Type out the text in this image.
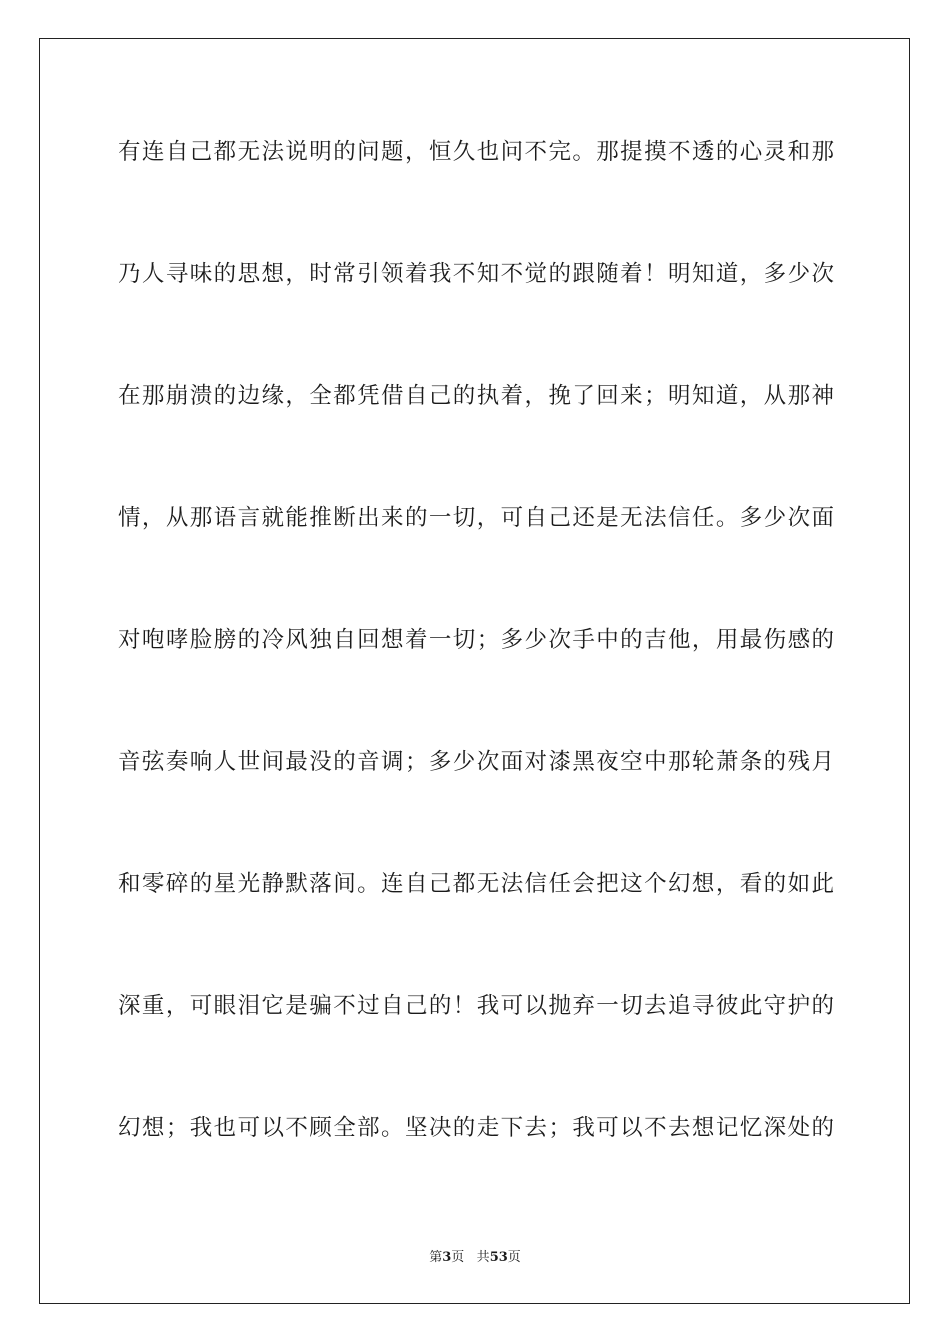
有连自己都无法说明的问题，恒久也问不完。那提摸不透的心灵和那
乃人寻味的思想，时常引领着我不知不觉的跟随着！明知道，多少次
在那崩溃的边缘，全都凭借自己的执着，挽了回来；明知道，从那神
情，从那语言就能推断出来的一切，可自己还是无法信任。多少次面
对咆哮脸膀的冷风独自回想着一切；多少次手中的吉他，用最伤感的
音弦奏响人世间最没的音调；多少次面对漆黑夜空中那轮萧条的残月
和零碎的星光静默落间。连自己都无法信任会把这个幻想，看的如此
深重，可眼泪它是骗不过自己的！我可以抛弃一切去追寻彼此守护的
幻想；我也可以不顾全部。坚决的走下去；我可以不去想记忆深处的
第3页 共53页
